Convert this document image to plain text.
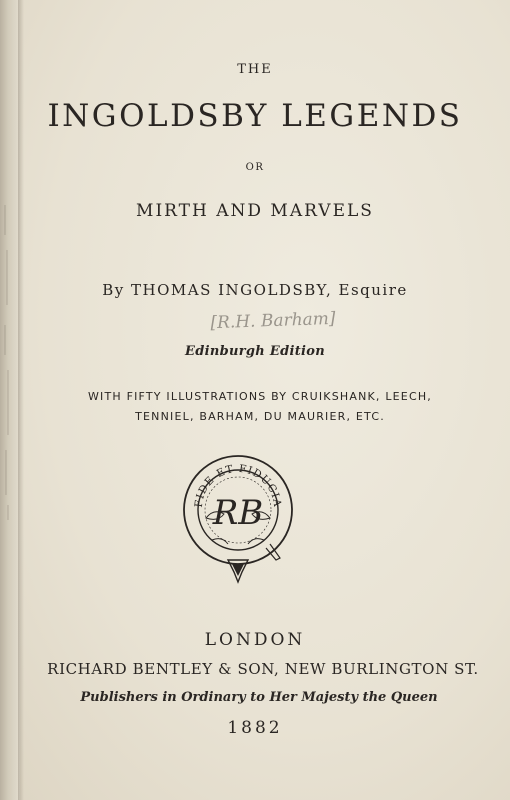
THE
INGOLDSBY LEGENDS
OR
MIRTH AND MARVELS
By THOMAS INGOLDSBY, Esquire
[R.H. Barham]
Edinburgh Edition
WITH FIFTY ILLUSTRATIONS BY CRUIKSHANK, LEECH,
TENNIEL, BARHAM, DU MAURIER, ETC.
FIDE ET FIDUCIA
RB
LONDON
RICHARD BENTLEY & SON, NEW BURLINGTON ST.
Publishers in Ordinary to Her Majesty the Queen
1882
